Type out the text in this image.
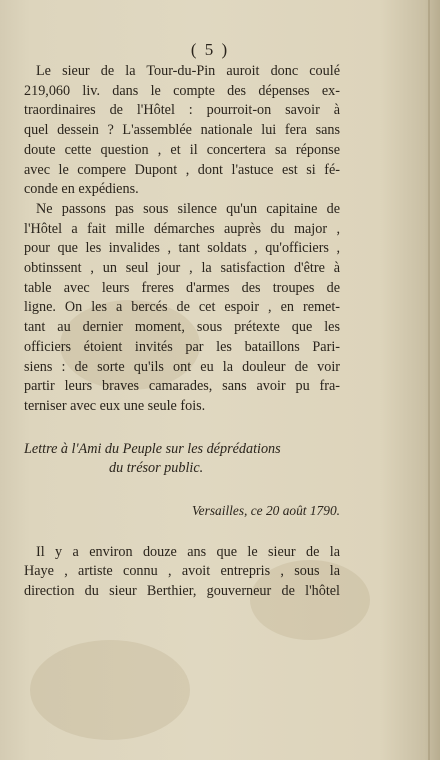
( 5 )
Le sieur de la Tour-du-Pin auroit donc coulé
219,060 liv. dans le compte des dépenses ex-
traordinaires de l'Hôtel : pourroit-on savoir à
quel dessein ? L'assemblée nationale lui fera sans
doute cette question , et il concertera sa réponse
avec le compere Dupont , dont l'astuce est si fé-
conde en expédiens.
Ne passons pas sous silence qu'un capitaine de
l'Hôtel a fait mille démarches auprès du major ,
pour que les invalides , tant soldats , qu'officiers ,
obtinssent , un seul jour , la satisfaction d'être à
table avec leurs freres d'armes des troupes de
ligne. On les a bercés de cet espoir , en remet-
tant au dernier moment, sous prétexte que les
officiers étoient invités par les bataillons Pari-
siens : de sorte qu'ils ont eu la douleur de voir
partir leurs braves camarades, sans avoir pu fra-
terniser avec eux une seule fois.
Lettre à l'Ami du Peuple sur les déprédations
du trésor public.
Versailles, ce 20 août 1790.
Il y a environ douze ans que le sieur de la
Haye , artiste connu , avoit entrepris , sous la
direction du sieur Berthier, gouverneur de l'hôtel
